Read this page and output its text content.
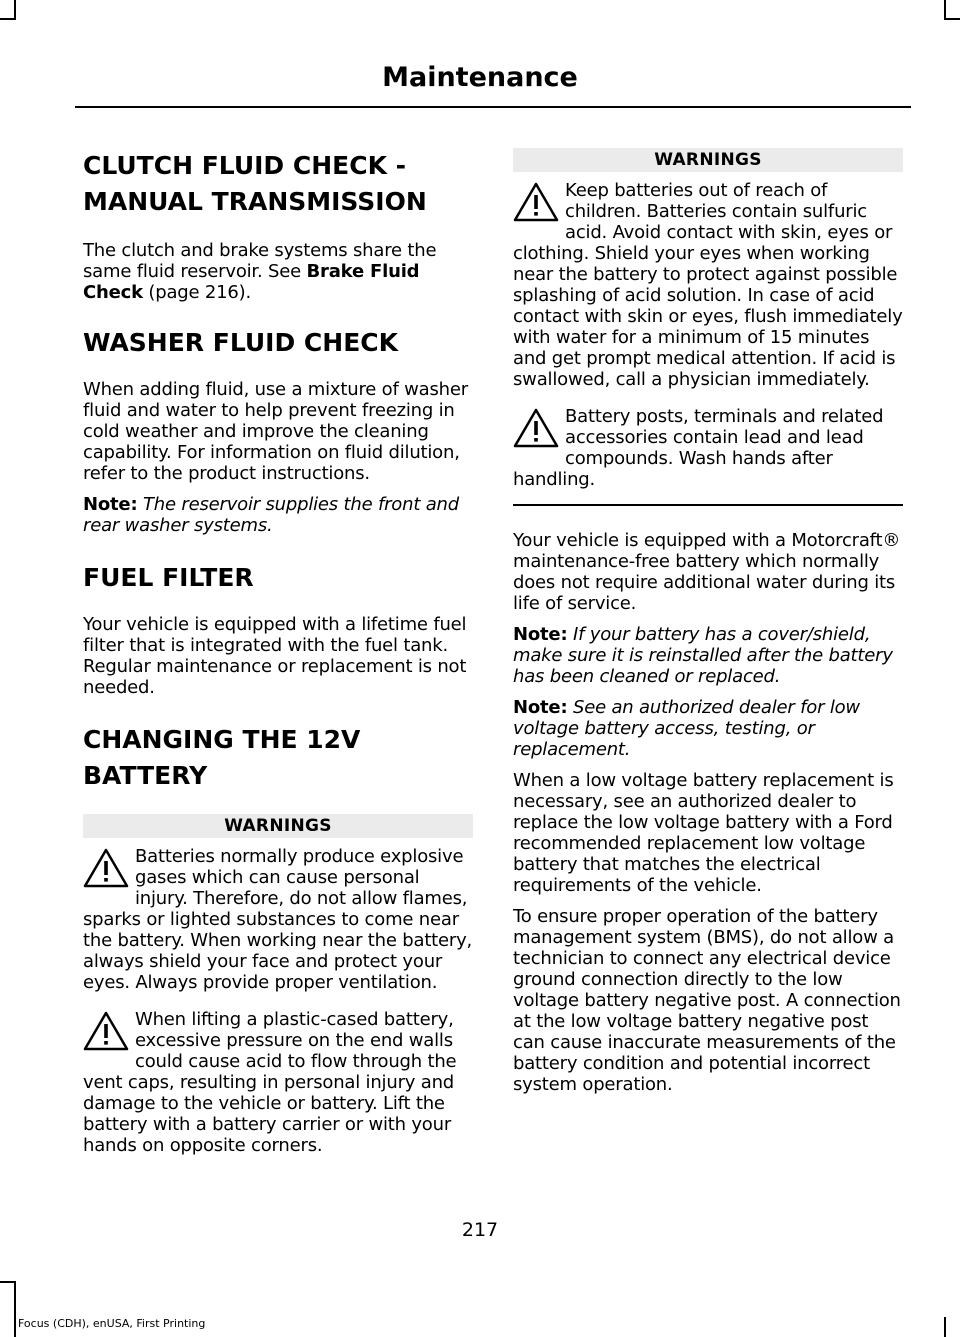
Maintenance
CLUTCH FLUID CHECK -
MANUAL TRANSMISSION

The clutch and brake systems share the same fluid reservoir. See Brake Fluid Check (page 216).

WASHER FLUID CHECK

When adding fluid, use a mixture of washer fluid and water to help prevent freezing in cold weather and improve the cleaning capability. For information on fluid dilution, refer to the product instructions.

Note: The reservoir supplies the front and rear washer systems.

FUEL FILTER

Your vehicle is equipped with a lifetime fuel filter that is integrated with the fuel tank. Regular maintenance or replacement is not needed.

CHANGING THE 12V BATTERY
WARNINGS
Batteries normally produce explosive gases which can cause personal injury. Therefore, do not allow flames, sparks or lighted substances to come near the battery. When working near the battery, always shield your face and protect your eyes. Always provide proper ventilation.
When lifting a plastic-cased battery, excessive pressure on the end walls could cause acid to flow through the vent caps, resulting in personal injury and damage to the vehicle or battery. Lift the battery with a battery carrier or with your hands on opposite corners.
WARNINGS
Keep batteries out of reach of children. Batteries contain sulfuric acid. Avoid contact with skin, eyes or clothing. Shield your eyes when working near the battery to protect against possible splashing of acid solution. In case of acid contact with skin or eyes, flush immediately with water for a minimum of 15 minutes and get prompt medical attention. If acid is swallowed, call a physician immediately.
Battery posts, terminals and related accessories contain lead and lead compounds. Wash hands after handling.

Your vehicle is equipped with a Motorcraft® maintenance-free battery which normally does not require additional water during its life of service.

Note: If your battery has a cover/shield, make sure it is reinstalled after the battery has been cleaned or replaced.

Note: See an authorized dealer for low voltage battery access, testing, or replacement.

When a low voltage battery replacement is necessary, see an authorized dealer to replace the low voltage battery with a Ford recommended replacement low voltage battery that matches the electrical requirements of the vehicle.

To ensure proper operation of the battery management system (BMS), do not allow a technician to connect any electrical device ground connection directly to the low voltage battery negative post. A connection at the low voltage battery negative post can cause inaccurate measurements of the battery condition and potential incorrect system operation.

217
Focus (CDH), enUSA, First Printing
